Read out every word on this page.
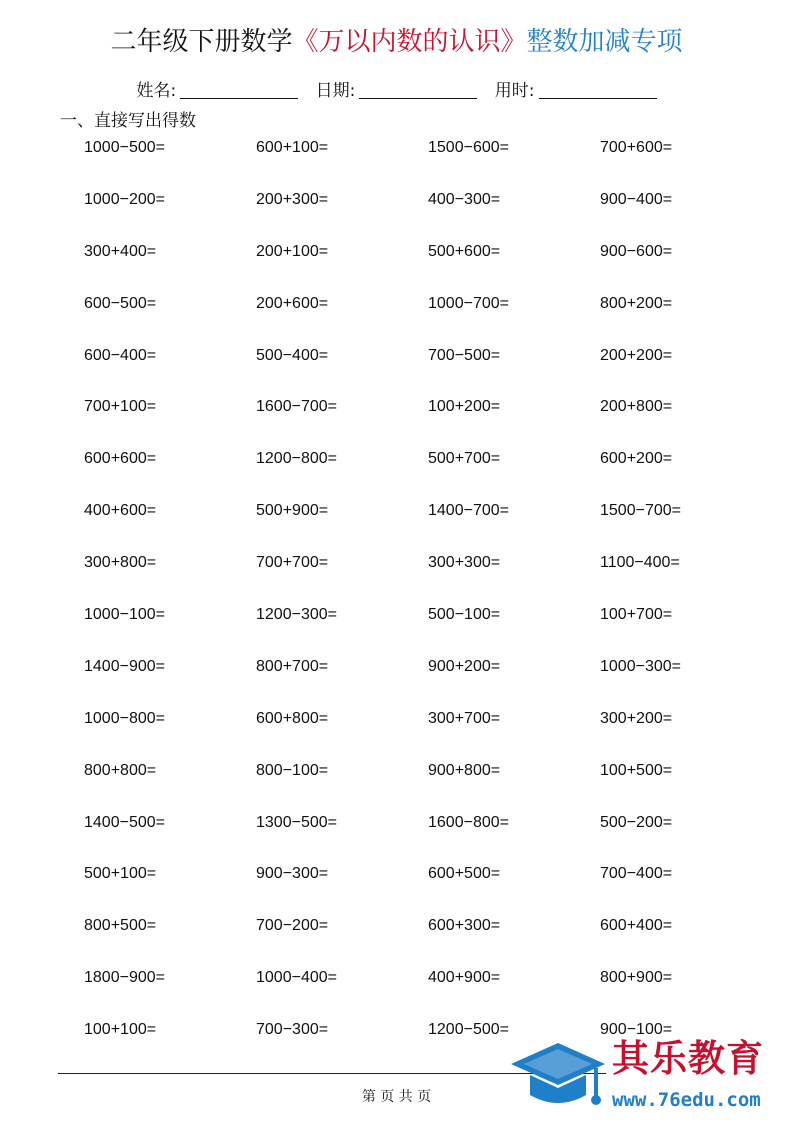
二年级下册数学《万以内数的认识》整数加减专项
姓名:	日期:	用时:
一、直接写出得数
1000−500=	600+100=	1500−600=	700+600=
1000−200=	200+300=	400−300=	900−400=
300+400=	200+100=	500+600=	900−600=
600−500=	200+600=	1000−700=	800+200=
600−400=	500−400=	700−500=	200+200=
700+100=	1600−700=	100+200=	200+800=
600+600=	1200−800=	500+700=	600+200=
400+600=	500+900=	1400−700=	1500−700=
300+800=	700+700=	300+300=	1100−400=
1000−100=	1200−300=	500−100=	100+700=
1400−900=	800+700=	900+200=	1000−300=
1000−800=	600+800=	300+700=	300+200=
800+800=	800−100=	900+800=	100+500=
1400−500=	1300−500=	1600−800=	500−200=
500+100=	900−300=	600+500=	700−400=
800+500=	700−200=	600+300=	600+400=
1800−900=	1000−400=	400+900=	800+900=
100+100=	700−300=	1200−500=	900−100=
第 页 共 页
其乐教育
www.76edu.com
